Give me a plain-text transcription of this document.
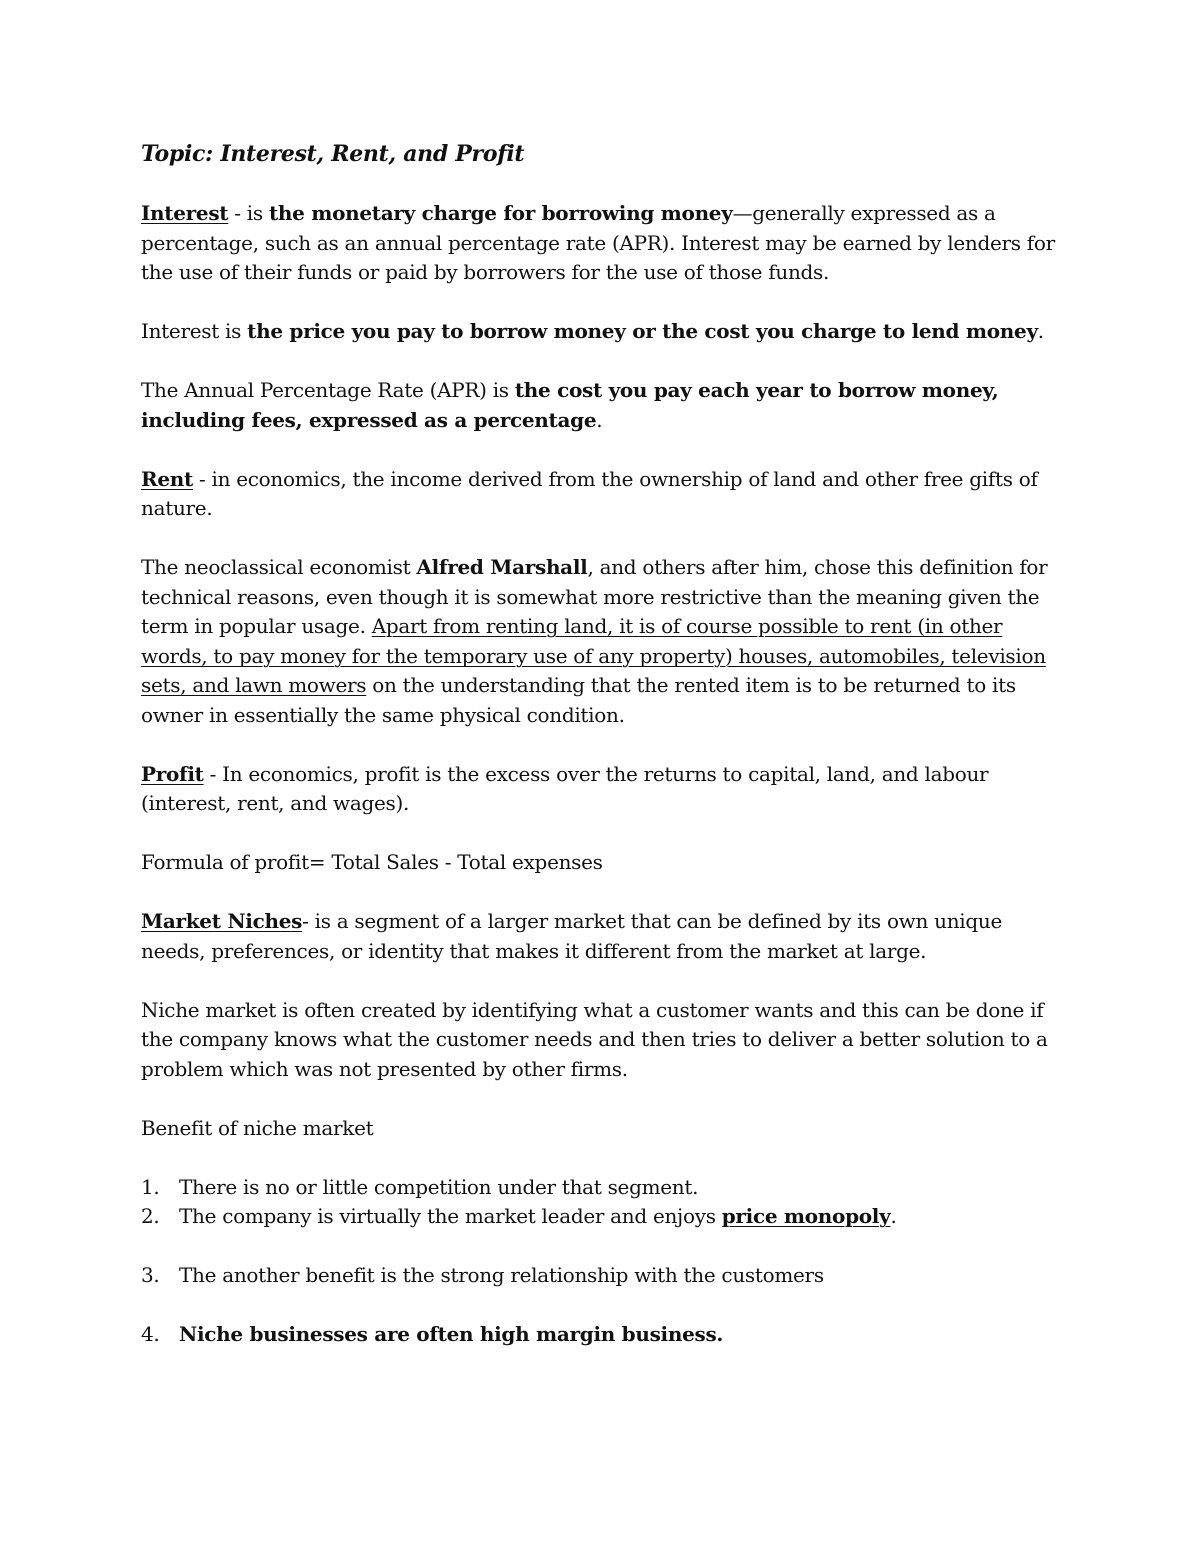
Topic: Interest, Rent, and Profit

Interest - is the monetary charge for borrowing money—generally expressed as a percentage, such as an annual percentage rate (APR). Interest may be earned by lenders for the use of their funds or paid by borrowers for the use of those funds.

Interest is the price you pay to borrow money or the cost you charge to lend money.

The Annual Percentage Rate (APR) is the cost you pay each year to borrow money, including fees, expressed as a percentage.

Rent - in economics, the income derived from the ownership of land and other free gifts of nature.

The neoclassical economist Alfred Marshall, and others after him, chose this definition for technical reasons, even though it is somewhat more restrictive than the meaning given the term in popular usage. Apart from renting land, it is of course possible to rent (in other words, to pay money for the temporary use of any property) houses, automobiles, television sets, and lawn mowers on the understanding that the rented item is to be returned to its owner in essentially the same physical condition.

Profit - In economics, profit is the excess over the returns to capital, land, and labour (interest, rent, and wages).

Formula of profit= Total Sales - Total expenses

Market Niches- is a segment of a larger market that can be defined by its own unique needs, preferences, or identity that makes it different from the market at large.

Niche market is often created by identifying what a customer wants and this can be done if the company knows what the customer needs and then tries to deliver a better solution to a problem which was not presented by other firms.

Benefit of niche market

1. There is no or little competition under that segment.
2. The company is virtually the market leader and enjoys price monopoly.
3. The another benefit is the strong relationship with the customers
4. Niche businesses are often high margin business.
